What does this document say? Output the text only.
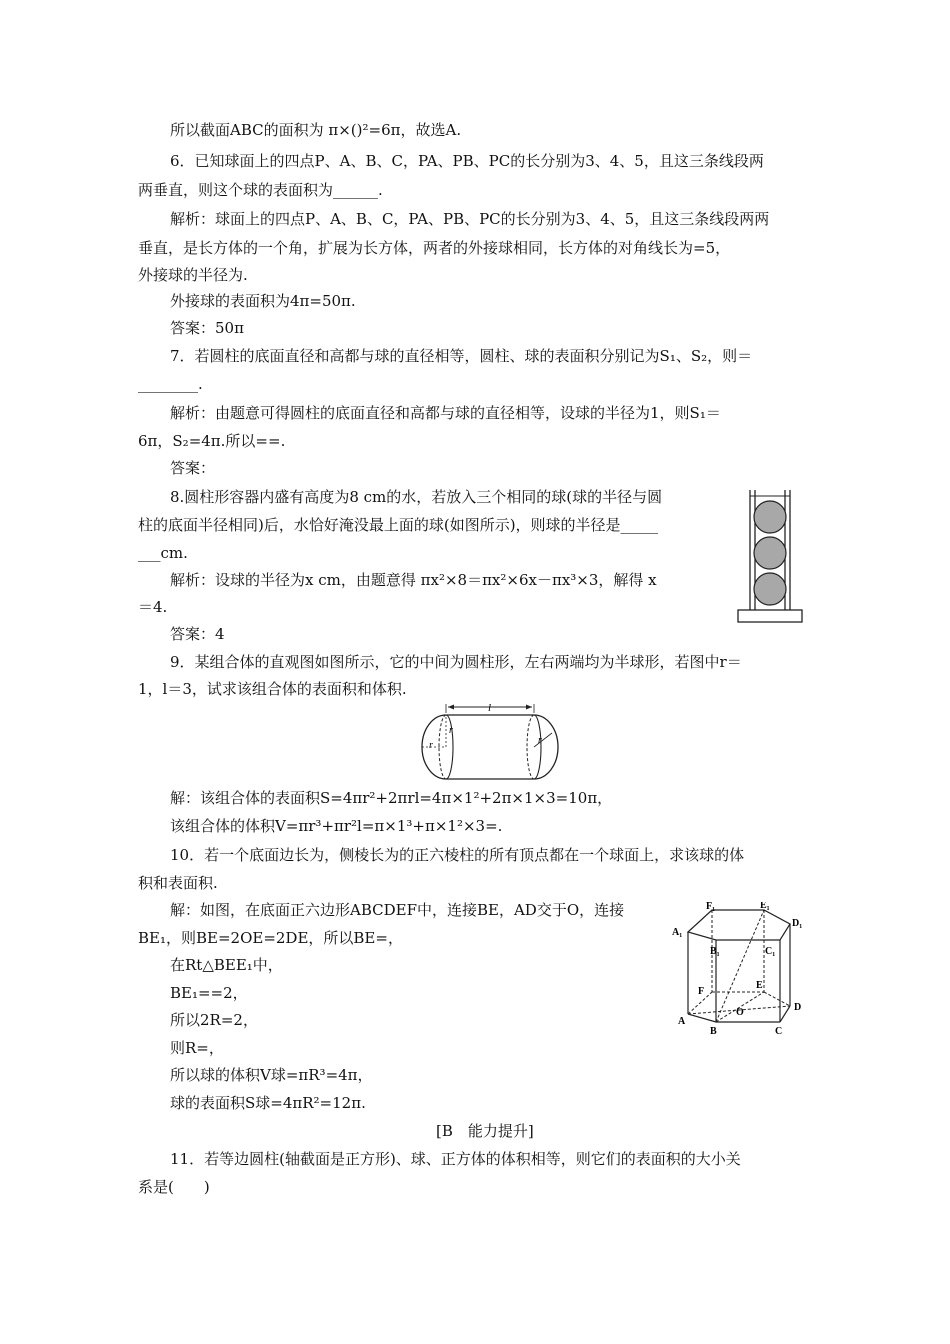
所以截面ABC的面积为 π×()²=6π，故选A.
6．已知球面上的四点P、A、B、C，PA、PB、PC的长分别为3、4、5，且这三条线段两
两垂直，则这个球的表面积为______.
解析：球面上的四点P、A、B、C，PA、PB、PC的长分别为3、4、5，且这三条线段两两
垂直，是长方体的一个角，扩展为长方体，两者的外接球相同，长方体的对角线长为=5，
外接球的半径为.
外接球的表面积为4π=50π.
答案：50π
7．若圆柱的底面直径和高都与球的直径相等，圆柱、球的表面积分别记为S₁、S₂，则＝
________.
解析：由题意可得圆柱的底面直径和高都与球的直径相等，设球的半径为1，则S₁＝
6π，S₂=4π.所以==.
答案：
8.圆柱形容器内盛有高度为8 cm的水，若放入三个相同的球(球的半径与圆
柱的底面半径相同)后，水恰好淹没最上面的球(如图所示)，则球的半径是_____
___cm.
解析：设球的半径为x cm，由题意得 πx²×8＝πx²×6x－πx³×3，解得 x
＝4.
答案：4
9．某组合体的直观图如图所示，它的中间为圆柱形，左右两端均为半球形，若图中r＝
1，l＝3，试求该组合体的表面积和体积.
解：该组合体的表面积S=4πr²+2πrl=4π×1²+2π×1×3=10π，
该组合体的体积V=πr³+πr²l=π×1³+π×1²×3=.
10．若一个底面边长为，侧棱长为的正六棱柱的所有顶点都在一个球面上，求该球的体
积和表面积.
解：如图，在底面正六边形ABCDEF中，连接BE，AD交于O，连接
BE₁，则BE=2OE=2DE，所以BE=，
在Rt△BEE₁中，
BE₁==2，
所以2R=2，
则R=，
所以球的体积V球=πR³=4π，
球的表面积S球=4πR²=12π.
[B　能力提升]
11．若等边圆柱(轴截面是正方形)、球、正方体的体积相等，则它们的表面积的大小关
系是(　　)
l
r
r
r
F₁	E₁
D₁
A₁
B₁	C₁
F
E
D
A
B	C
O
